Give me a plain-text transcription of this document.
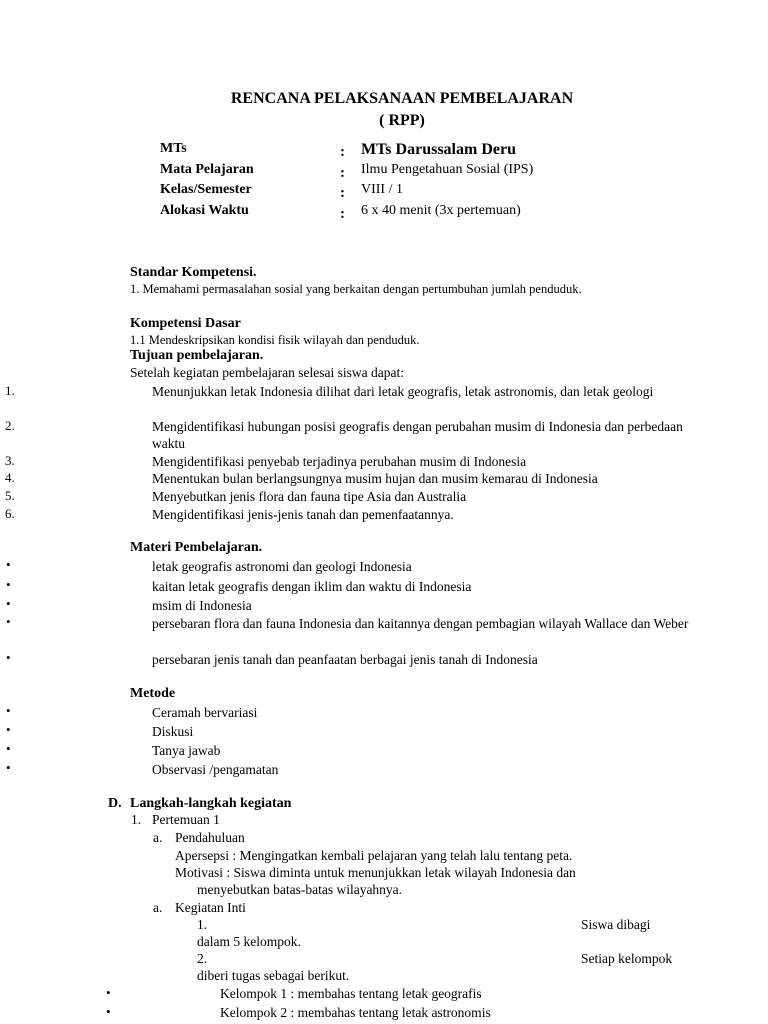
RENCANA PELAKSANAAN PEMBELAJARAN
( RPP)
MTs	: MTs Darussalam Deru
Mata Pelajaran	: Ilmu Pengetahuan Sosial (IPS)
Kelas/Semester	: VIII / 1
Alokasi Waktu	: 6 x 40 menit (3x pertemuan)
Standar Kompetensi.
1. Memahami permasalahan sosial yang berkaitan dengan pertumbuhan jumlah penduduk.
Kompetensi Dasar
1.1 Mendeskripsikan kondisi fisik wilayah dan penduduk.
Tujuan pembelajaran.
Setelah kegiatan pembelajaran selesai siswa dapat:
1.	Menunjukkan letak Indonesia dilihat dari letak geografis, letak astronomis, dan letak geologi
2.	Mengidentifikasi hubungan posisi geografis dengan perubahan musim di Indonesia dan perbedaan waktu
3.	Mengidentifikasi penyebab terjadinya perubahan musim di Indonesia
4.	Menentukan bulan berlangsungnya musim hujan dan musim kemarau di Indonesia
5.	Menyebutkan jenis flora dan fauna tipe Asia dan Australia
6.	Mengidentifikasi jenis-jenis tanah dan pemenfaatannya.
Materi Pembelajaran.
•	letak geografis astronomi dan geologi Indonesia
•	kaitan letak geografis dengan iklim dan waktu di Indonesia
•	msim di Indonesia
•	persebaran flora dan fauna Indonesia dan kaitannya dengan pembagian wilayah Wallace dan Weber
•	persebaran jenis tanah dan peanfaatan berbagai jenis tanah di Indonesia
Metode
•	Ceramah bervariasi
•	Diskusi
•	Tanya jawab
•	Observasi /pengamatan
D. Langkah-langkah kegiatan
1. Pertemuan 1
a. Pendahuluan
Apersepsi : Mengingatkan kembali pelajaran yang telah lalu tentang peta.
Motivasi : Siswa diminta untuk menunjukkan letak wilayah Indonesia dan
menyebutkan batas-batas wilayahnya.
a. Kegiatan Inti
1.	Siswa dibagi
dalam 5 kelompok.
2.	Setiap kelompok
diberi tugas sebagai berikut.
•	Kelompok 1 : membahas tentang letak geografis
•	Kelompok 2 : membahas tentang letak astronomis
